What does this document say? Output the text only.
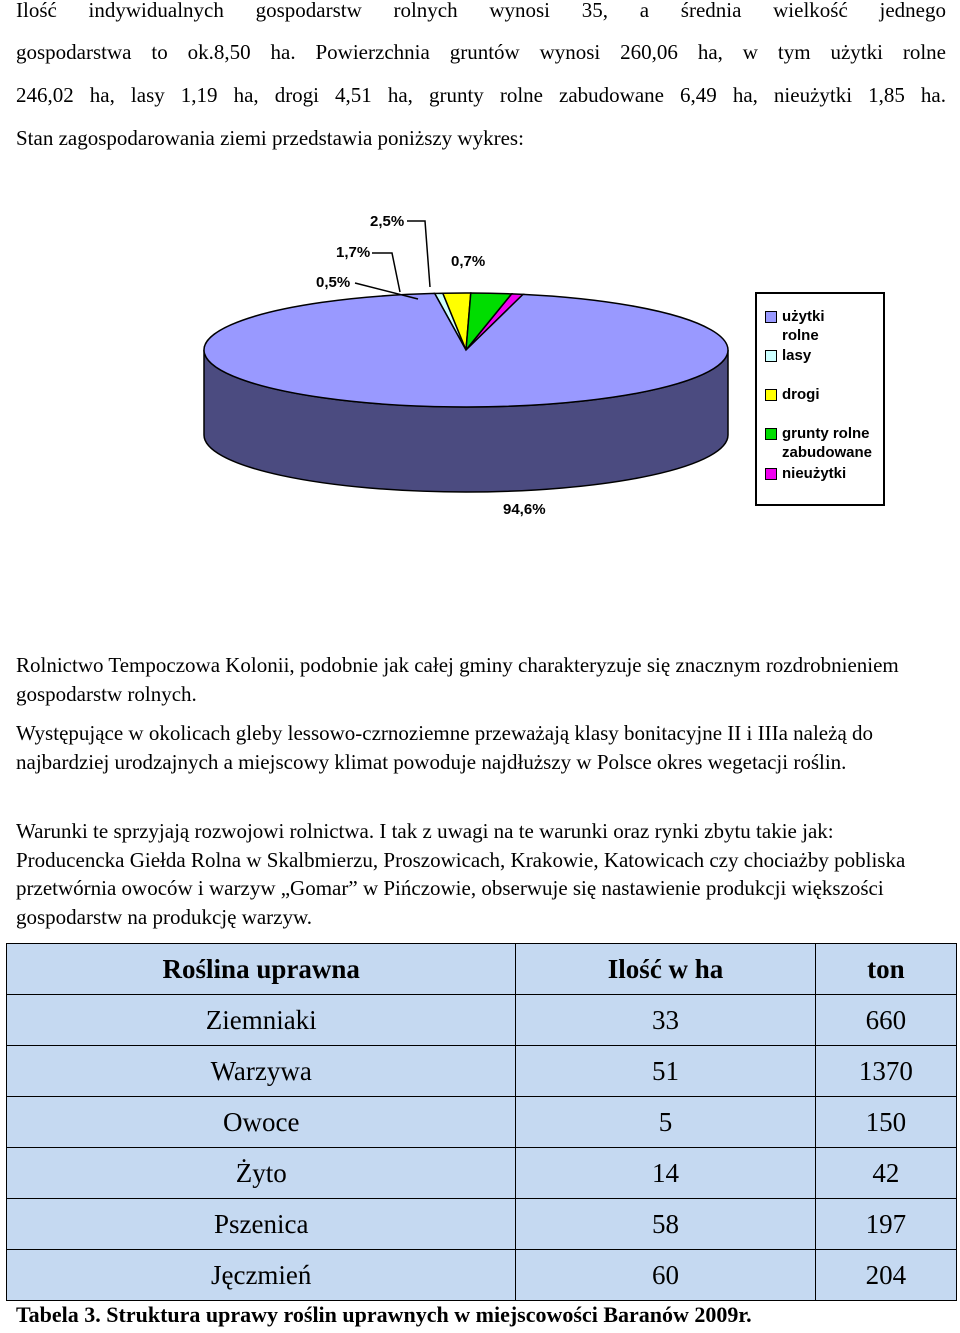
Ilość indywidualnych gospodarstw rolnych wynosi 35, a średnia wielkość jednego

gospodarstwa to ok.8,50 ha. Powierzchnia gruntów wynosi 260,06 ha, w tym użytki rolne

246,02 ha, lasy 1,19 ha, drogi 4,51 ha, grunty rolne zabudowane 6,49 ha, nieużytki 1,85 ha.

Stan zagospodarowania ziemi przedstawia poniższy wykres:

94,6%
0,5%
1,7%
2,5%
0,7%
użytki rolne
lasy
drogi
grunty rolne
zabudowane
nieużytki

Rolnictwo Tempoczowa Kolonii, podobnie jak całej gminy charakteryzuje się znacznym rozdrobnieniem gospodarstw rolnych.

Występujące w okolicach gleby lessowo-czrnoziemne przeważają klasy bonitacyjne II i IIIa należą do najbardziej urodzajnych a miejscowy klimat powoduje najdłuższy w Polsce okres wegetacji roślin.

Warunki te sprzyjają rozwojowi rolnictwa. I tak z uwagi na te warunki oraz rynki zbytu takie jak: Producencka Giełda Rolna w Skalbmierzu, Proszowicach, Krakowie, Katowicach czy chociażby pobliska przetwórnia owoców i warzyw „Gomar” w Pińczowie, obserwuje się nastawienie produkcji większości gospodarstw na produkcję warzyw.

Roślina uprawna	Ilość w ha	ton
Ziemniaki	33	660
Warzywa	51	1370
Owoce	5	150
Żyto	14	42
Pszenica	58	197
Jęczmień	60	204
Tabela 3. Struktura uprawy roślin uprawnych w miejscowości Baranów 2009r.
